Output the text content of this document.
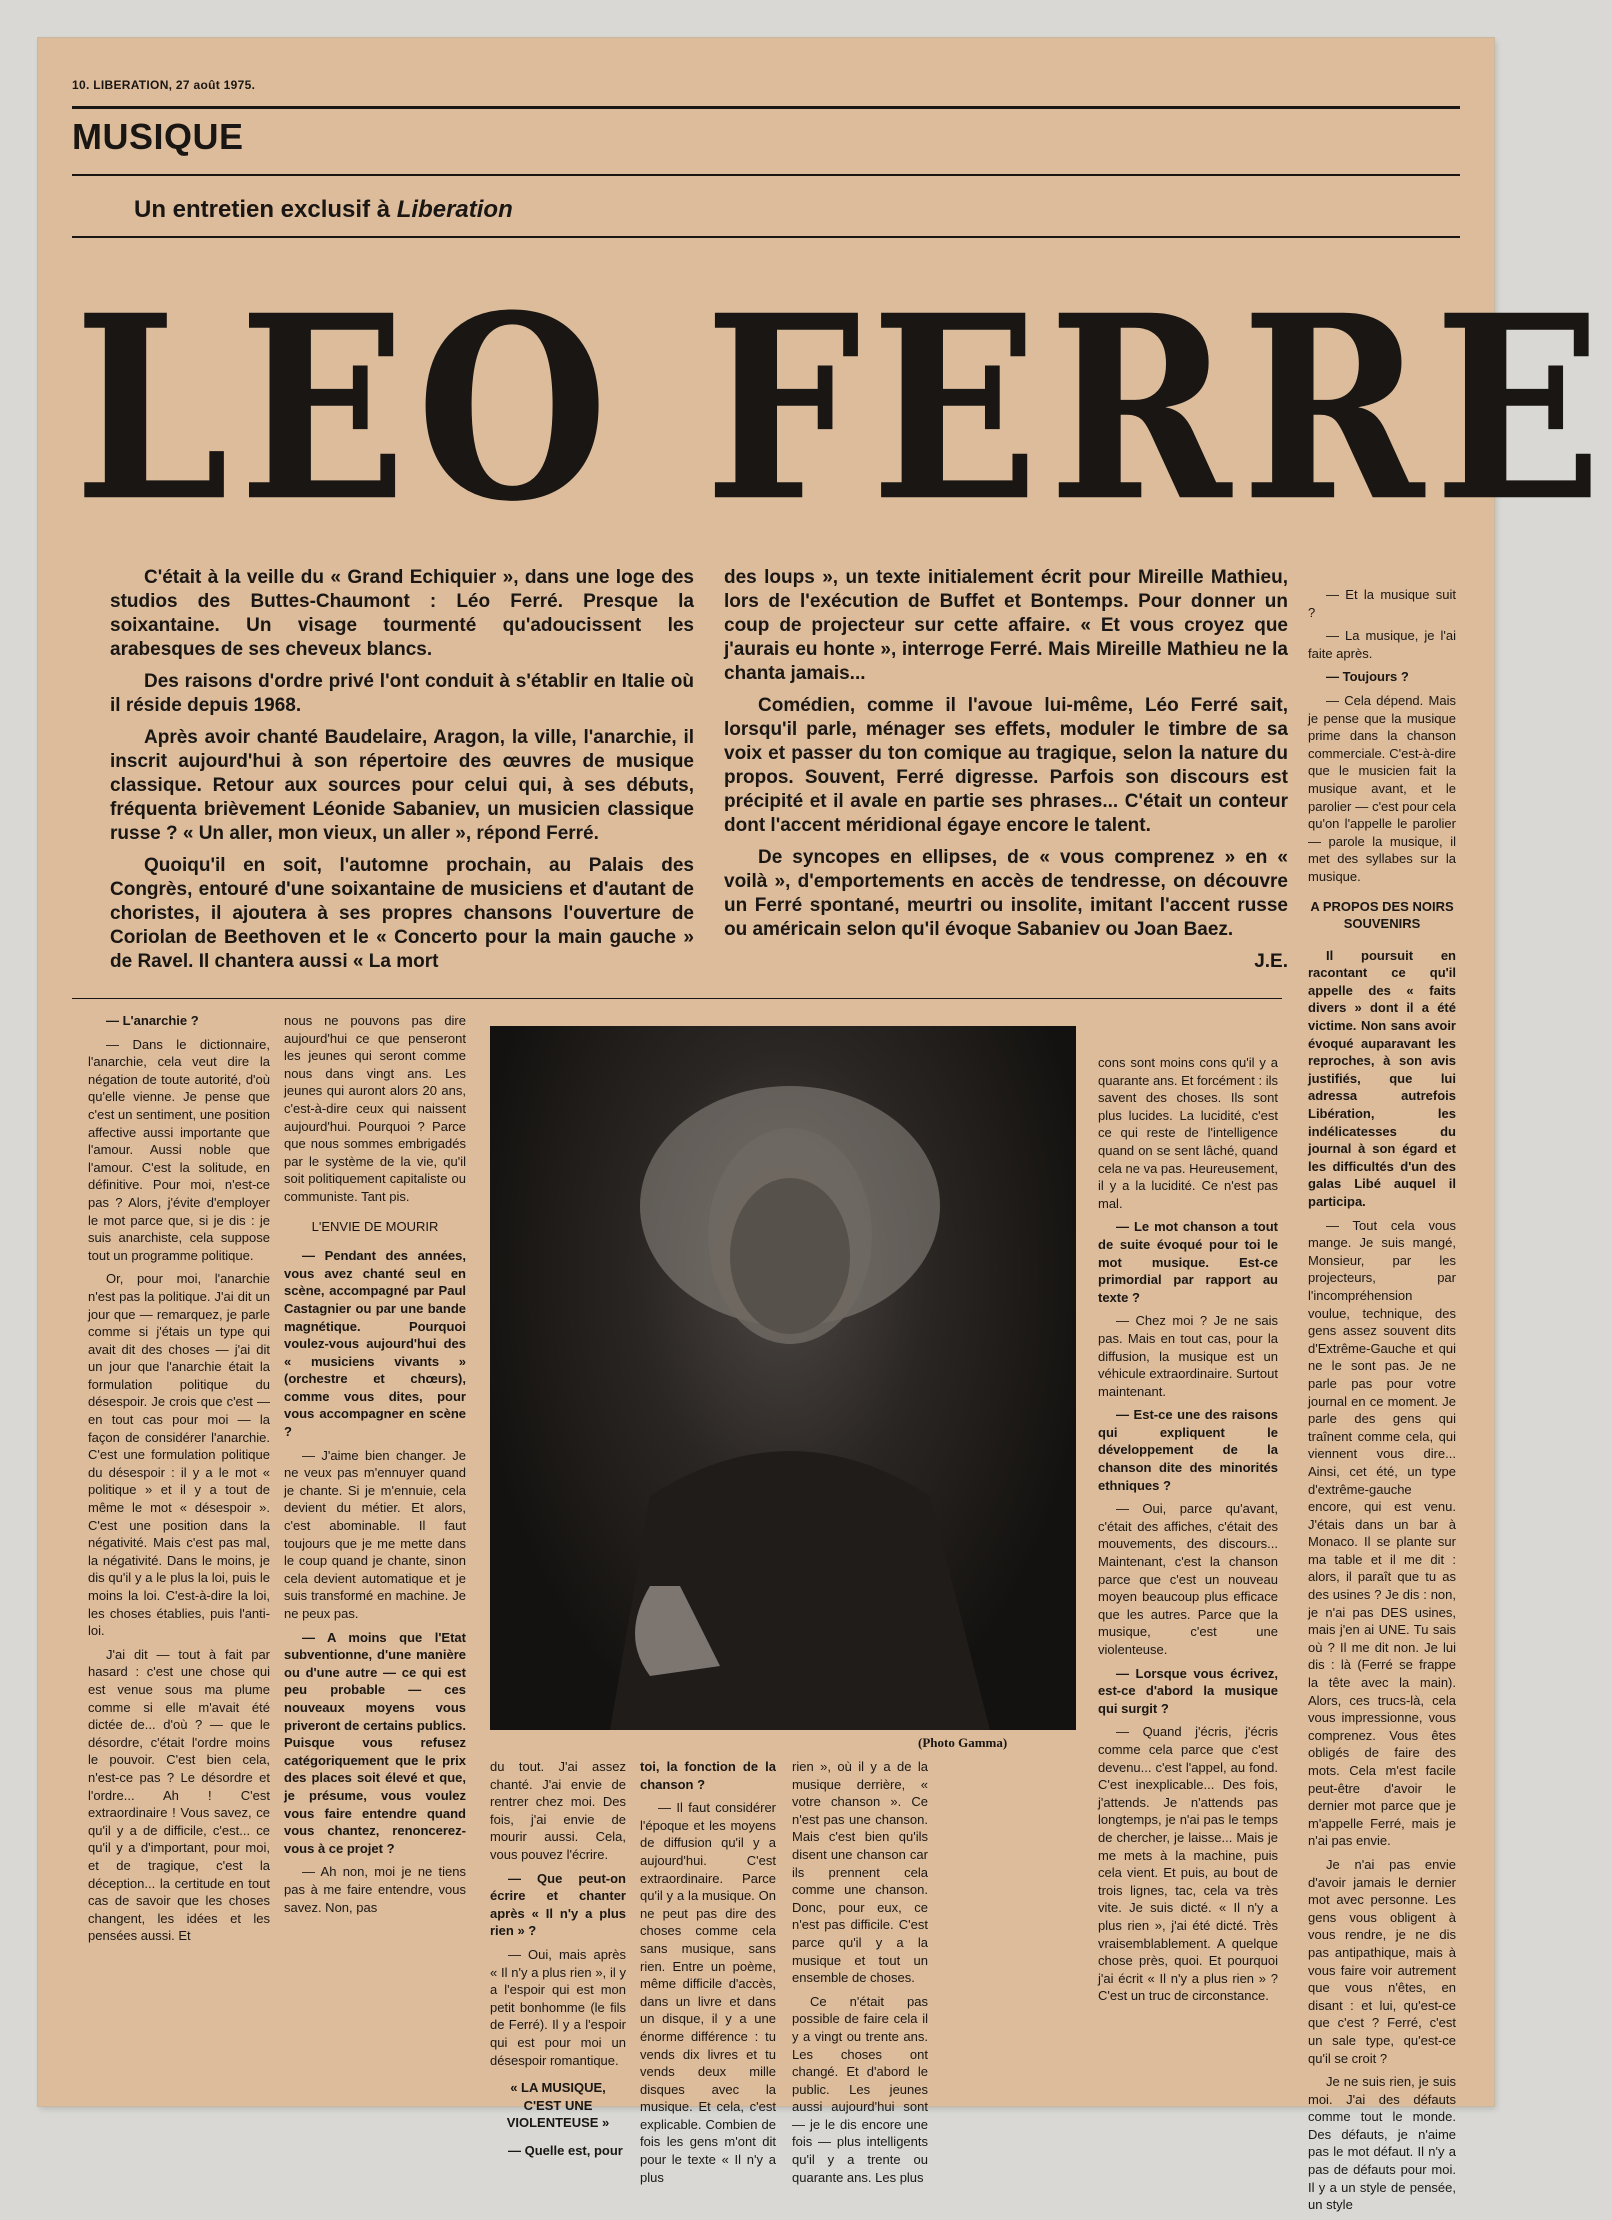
10. LIBERATION, 27 août 1975.
MUSIQUE
Un entretien exclusif à Liberation
LEO FERRE

C'était à la veille du « Grand Echiquier », dans une loge des studios des Buttes-Chaumont : Léo Ferré. Presque la soixantaine. Un visage tourmenté qu'adoucissent les arabesques de ses cheveux blancs.

Des raisons d'ordre privé l'ont conduit à s'établir en Italie où il réside depuis 1968.

Après avoir chanté Baudelaire, Aragon, la ville, l'anarchie, il inscrit aujourd'hui à son répertoire des œuvres de musique classique. Retour aux sources pour celui qui, à ses débuts, fréquenta brièvement Léonide Sabaniev, un musicien classique russe ? « Un aller, mon vieux, un aller », répond Ferré.

Quoiqu'il en soit, l'automne prochain, au Palais des Congrès, entouré d'une soixantaine de musiciens et d'autant de choristes, il ajoutera à ses propres chansons l'ouverture de Coriolan de Beethoven et le « Concerto pour la main gauche » de Ravel. Il chantera aussi « La mort

des loups », un texte initialement écrit pour Mireille Mathieu, lors de l'exécution de Buffet et Bontemps. Pour donner un coup de projecteur sur cette affaire. « Et vous croyez que j'aurais eu honte », interroge Ferré. Mais Mireille Mathieu ne la chanta jamais...

Comédien, comme il l'avoue lui-même, Léo Ferré sait, lorsqu'il parle, ménager ses effets, moduler le timbre de sa voix et passer du ton comique au tragique, selon la nature du propos. Souvent, Ferré digresse. Parfois son discours est précipité et il avale en partie ses phrases... C'était un conteur dont l'accent méridional égaye encore le talent.

De syncopes en ellipses, de « vous comprenez » en « voilà », d'emportements en accès de tendresse, on découvre un Ferré spontané, meurtri ou insolite, imitant l'accent russe ou américain selon qu'il évoque Sabaniev ou Joan Baez.

J.E.

— Et la musique suit ?

— La musique, je l'ai faite après.

— Toujours ?

— Cela dépend. Mais je pense que la musique prime dans la chanson commerciale. C'est-à-dire que le musicien fait la musique avant, et le parolier — c'est pour cela qu'on l'appelle le parolier — parole la musique, il met des syllabes sur la musique.

A PROPOS DES NOIRS SOUVENIRS

Il poursuit en racontant ce qu'il appelle des « faits divers » dont il a été victime. Non sans avoir évoqué auparavant les reproches, à son avis justifiés, que lui adressa autrefois Libération, les indélicatesses du journal à son égard et les difficultés d'un des galas Libé auquel il participa.

— Tout cela vous mange. Je suis mangé, Monsieur, par les projecteurs, par l'incompréhension voulue, technique, des gens assez souvent dits d'Extrême-Gauche et qui ne le sont pas. Je ne parle pas pour votre journal en ce moment. Je parle des gens qui traînent comme cela, qui viennent vous dire... Ainsi, cet été, un type d'extrême-gauche encore, qui est venu. J'étais dans un bar à Monaco. Il se plante sur ma table et il me dit : alors, il paraît que tu as des usines ? Je dis : non, je n'ai pas DES usines, mais j'en ai UNE. Tu sais où ? Il me dit non. Je lui dis : là (Ferré se frappe la tête avec la main). Alors, ces trucs-là, cela vous impressionne, vous comprenez. Vous êtes obligés de faire des mots. Cela m'est facile peut-être d'avoir le dernier mot parce que je m'appelle Ferré, mais je n'ai pas envie.

Je n'ai pas envie d'avoir jamais le dernier mot avec personne. Les gens vous obligent à vous rendre, je ne dis pas antipathique, mais à vous faire voir autrement que vous n'êtes, en disant : et lui, qu'est-ce que c'est ? Ferré, c'est un sale type, qu'est-ce qu'il se croit ?

Je ne suis rien, je suis moi. J'ai des défauts comme tout le monde. Des défauts, je n'aime pas le mot défaut. Il n'y a pas de défauts pour moi. Il y a un style de pensée, un style

— L'anarchie ?

— Dans le dictionnaire, l'anarchie, cela veut dire la négation de toute autorité, d'où qu'elle vienne. Je pense que c'est un sentiment, une position affective aussi importante que l'amour. Aussi noble que l'amour. C'est la solitude, en définitive. Pour moi, n'est-ce pas ? Alors, j'évite d'employer le mot parce que, si je dis : je suis anarchiste, cela suppose tout un programme politique.

Or, pour moi, l'anarchie n'est pas la politique. J'ai dit un jour que — remarquez, je parle comme si j'étais un type qui avait dit des choses — j'ai dit un jour que l'anarchie était la formulation politique du désespoir. Je crois que c'est — en tout cas pour moi — la façon de considérer l'anarchie. C'est une formulation politique du désespoir : il y a le mot « politique » et il y a tout de même le mot « désespoir ». C'est une position dans la négativité. Mais c'est pas mal, la négativité. Dans le moins, je dis qu'il y a le plus la loi, puis le moins la loi. C'est-à-dire la loi, les choses établies, puis l'anti-loi.

J'ai dit — tout à fait par hasard : c'est une chose qui est venue sous ma plume comme si elle m'avait été dictée de... d'où ? — que le désordre, c'était l'ordre moins le pouvoir. C'est bien cela, n'est-ce pas ? Le désordre et l'ordre... Ah ! C'est extraordinaire ! Vous savez, ce qu'il y a de difficile, c'est... ce qu'il y a d'important, pour moi, et de tragique, c'est la déception... la certitude en tout cas de savoir que les choses changent, les idées et les pensées aussi. Et

nous ne pouvons pas dire aujourd'hui ce que penseront les jeunes qui seront comme nous dans vingt ans. Les jeunes qui auront alors 20 ans, c'est-à-dire ceux qui naissent aujourd'hui. Pourquoi ? Parce que nous sommes embrigadés par le système de la vie, qu'il soit politiquement capitaliste ou communiste. Tant pis.

L'ENVIE DE MOURIR

— Pendant des années, vous avez chanté seul en scène, accompagné par Paul Castagnier ou par une bande magnétique. Pourquoi voulez-vous aujourd'hui des « musiciens vivants » (orchestre et chœurs), comme vous dites, pour vous accompagner en scène ?

— J'aime bien changer. Je ne veux pas m'ennuyer quand je chante. Si je m'ennuie, cela devient du métier. Et alors, c'est abominable. Il faut toujours que je me mette dans le coup quand je chante, sinon cela devient automatique et je suis transformé en machine. Je ne peux pas.

— A moins que l'Etat subventionne, d'une manière ou d'une autre — ce qui est peu probable — ces nouveaux moyens vous priveront de certains publics. Puisque vous refusez catégoriquement que le prix des places soit élevé et que, je présume, vous voulez vous faire entendre quand vous chantez, renoncerez-vous à ce projet ?

— Ah non, moi je ne tiens pas à me faire entendre, vous savez. Non, pas

(Photo Gamma)

du tout. J'ai assez chanté. J'ai envie de rentrer chez moi. Des fois, j'ai envie de mourir aussi. Cela, vous pouvez l'écrire.

— Que peut-on écrire et chanter après « Il n'y a plus rien » ?

— Oui, mais après « Il n'y a plus rien », il y a l'espoir qui est mon petit bonhomme (le fils de Ferré). Il y a l'espoir qui est pour moi un désespoir romantique.

« LA MUSIQUE, C'EST UNE VIOLENTEUSE »

— Quelle est, pour

toi, la fonction de la chanson ?

— Il faut considérer l'époque et les moyens de diffusion qu'il y a aujourd'hui. C'est extraordinaire. Parce qu'il y a la musique. On ne peut pas dire des choses comme cela sans musique, sans rien. Entre un poème, même difficile d'accès, dans un livre et dans un disque, il y a une énorme différence : tu vends dix livres et tu vends deux mille disques avec la musique. Et cela, c'est explicable. Combien de fois les gens m'ont dit pour le texte « Il n'y a plus

rien », où il y a de la musique derrière, « votre chanson ». Ce n'est pas une chanson. Mais c'est bien qu'ils disent une chanson car ils prennent cela comme une chanson. Donc, pour eux, ce n'est pas difficile. C'est parce qu'il y a la musique et tout un ensemble de choses.

Ce n'était pas possible de faire cela il y a vingt ou trente ans. Les choses ont changé. Et d'abord le public. Les jeunes aussi aujourd'hui sont — je le dis encore une fois — plus intelligents qu'il y a trente ou quarante ans. Les plus

cons sont moins cons qu'il y a quarante ans. Et forcément : ils savent des choses. Ils sont plus lucides. La lucidité, c'est ce qui reste de l'intelligence quand on se sent lâché, quand cela ne va pas. Heureusement, il y a la lucidité. Ce n'est pas mal.

— Le mot chanson a tout de suite évoqué pour toi le mot musique. Est-ce primordial par rapport au texte ?

— Chez moi ? Je ne sais pas. Mais en tout cas, pour la diffusion, la musique est un véhicule extraordinaire. Surtout maintenant.

— Est-ce une des raisons qui expliquent le développement de la chanson dite des minorités ethniques ?

— Oui, parce qu'avant, c'était des affiches, c'était des mouvements, des discours... Maintenant, c'est la chanson parce que c'est un nouveau moyen beaucoup plus efficace que les autres. Parce que la musique, c'est une violenteuse.

— Lorsque vous écrivez, est-ce d'abord la musique qui surgit ?

— Quand j'écris, j'écris comme cela parce que c'est devenu... c'est l'appel, au fond. C'est inexplicable... Des fois, j'attends. Je n'attends pas longtemps, je n'ai pas le temps de chercher, je laisse... Mais je me mets à la machine, puis cela vient. Et puis, au bout de trois lignes, tac, cela va très vite. Je suis dicté. « Il n'y a plus rien », j'ai été dicté. Très vraisemblablement. A quelque chose près, quoi. Et pourquoi j'ai écrit « Il n'y a plus rien » ? C'est un truc de circonstance.
